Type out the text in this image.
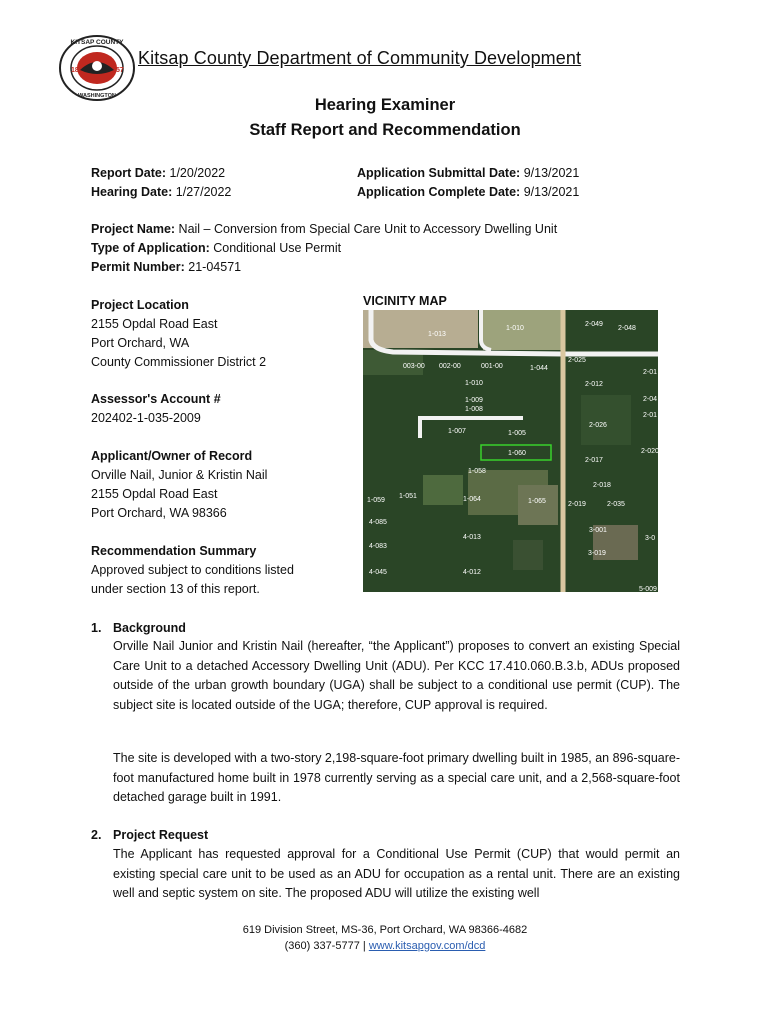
18	57
KITSAP COUNTY
WASHINGTON
Kitsap County Department of Community Development
Hearing Examiner
Staff Report and Recommendation
Report Date: 1/20/2022
Hearing Date: 1/27/2022
Application Submittal Date: 9/13/2021
Application Complete Date: 9/13/2021
Project Name: Nail – Conversion from Special Care Unit to Accessory Dwelling Unit
Type of Application: Conditional Use Permit
Permit Number: 21-04571
Project Location
2155 Opdal Road East
Port Orchard, WA
County Commissioner District 2
Assessor's Account #
202402-1-035-2009
Applicant/Owner of Record
Orville Nail, Junior & Kristin Nail
2155 Opdal Road East
Port Orchard, WA 98366
Recommendation Summary
Approved subject to conditions listed
under section 13 of this report.
VICINITY MAP
1-013
1-010
2-049
2-048
2-025
2-012
2-01
003-00 002-00	001-00	1-044
1-010
1-009
1-008
2-04
2-01
2-026
1-007	1-005
1-060
2-017
2-020
1-058
2-018
1-059
1-051	1-064	1-065	2-019	2-035
4-085
3-001
4-013
4-083
3-019
3-0
4-045	4-012
5-009
1. Background
Orville Nail Junior and Kristin Nail (hereafter, “the Applicant”) proposes to convert an existing Special Care Unit to a detached Accessory Dwelling Unit (ADU). Per KCC 17.410.060.B.3.b, ADUs proposed outside of the urban growth boundary (UGA) shall be subject to a conditional use permit (CUP). The subject site is located outside of the UGA; therefore, CUP approval is required.
The site is developed with a two-story 2,198-square-foot primary dwelling built in 1985, an 896-square-foot manufactured home built in 1978 currently serving as a special care unit, and a 2,568-square-foot detached garage built in 1991.
2. Project Request
The Applicant has requested approval for a Conditional Use Permit (CUP) that would permit an existing special care unit to be used as an ADU for occupation as a rental unit. There are an existing well and septic system on site. The proposed ADU will utilize the existing well
619 Division Street, MS-36, Port Orchard, WA 98366-4682
(360) 337-5777 | www.kitsapgov.com/dcd
